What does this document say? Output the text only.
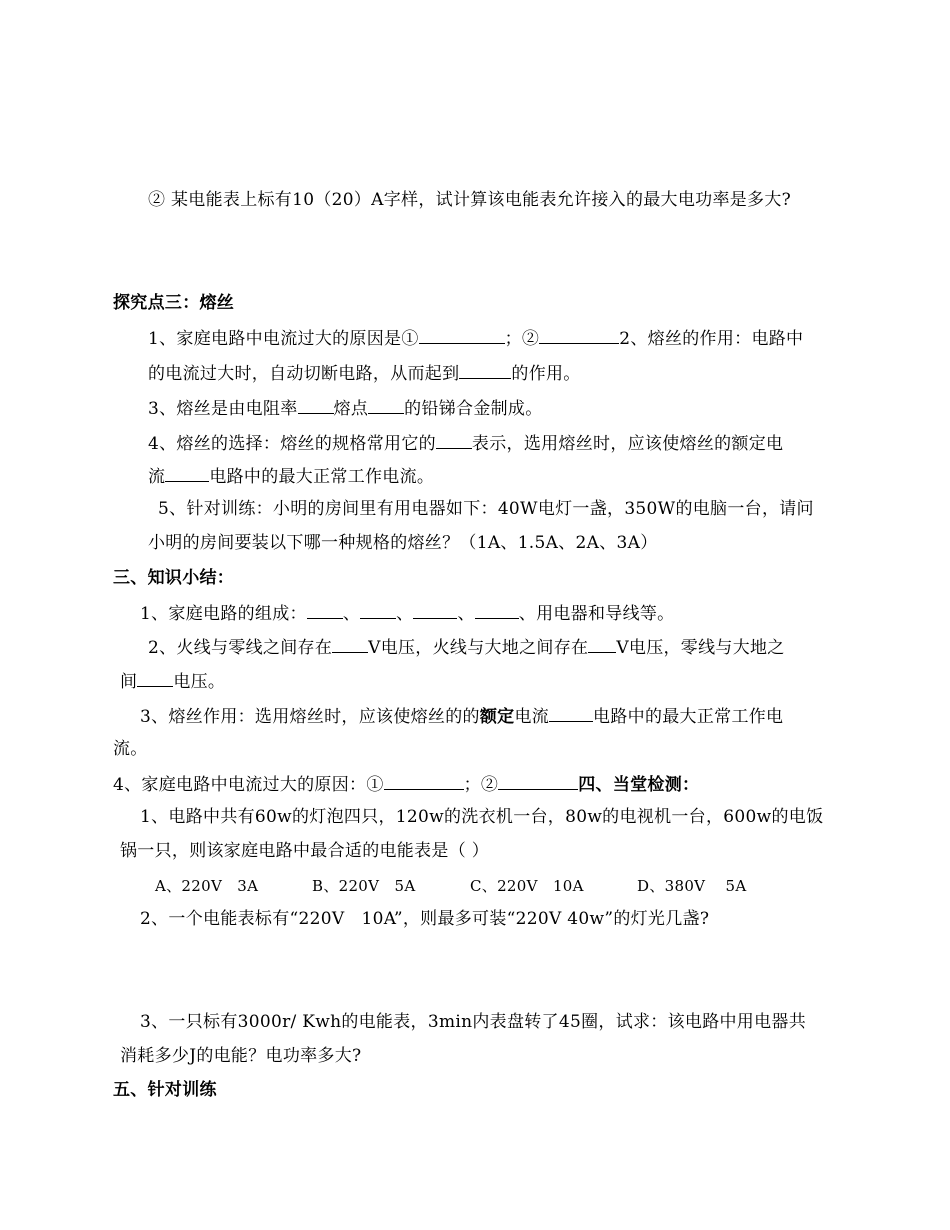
② 某电能表上标有10（20）A字样，试计算该电能表允许接入的最大电功率是多大?
探究点三：熔丝
1、家庭电路中电流过大的原因是①	；②	2、熔丝的作用：电路中
的电流过大时，自动切断电路，从而起到	的作用。
3、熔丝是由电阻率 熔点 的铅锑合金制成。
4、熔丝的选择：熔丝的规格常用它的 表示，选用熔丝时，应该使熔丝的额定电
流	电路中的最大正常工作电流。
5、针对训练：小明的房间里有用电器如下：40W电灯一盏，350W的电脑一台，请问
小明的房间要装以下哪一种规格的熔丝？（1A、1.5A、2A、3A）
三、知识小结：
1、家庭电路的组成： 、 、	、	、用电器和导线等。
2、火线与零线之间存在 V电压，火线与大地之间存在 V电压，零线与大地之
间 电压。
3、熔丝作用：选用熔丝时，应该使熔丝的的额定电流	电路中的最大正常工作电
流。
4、家庭电路中电流过大的原因：①	；②	四、当堂检测：
1、电路中共有60w的灯泡四只，120w的洗衣机一台，80w的电视机一台，600w的电饭
锅一只，则该家庭电路中最合适的电能表是（ ）
A、220V   3A	B、220V   5A	C、220V   10A	D、380V    5A
2、一个电能表标有“220V   10A”，则最多可装“220V 40w”的灯光几盏?
3、一只标有3000r/ Kwh的电能表，3min内表盘转了45圈，试求：该电路中用电器共
消耗多少J的电能？电功率多大?
五、针对训练
